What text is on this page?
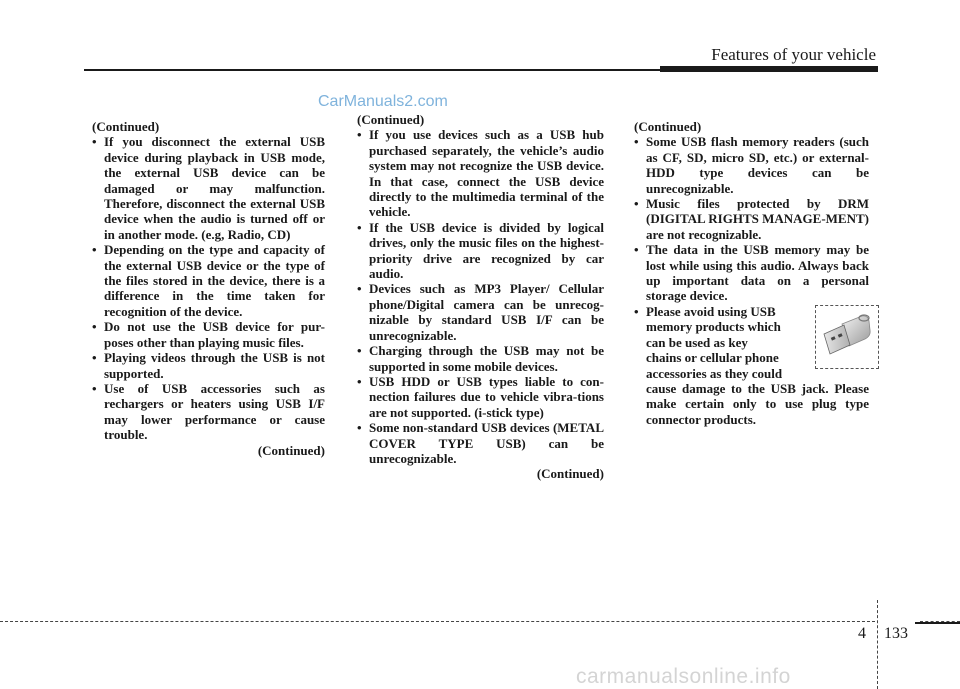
Features of your vehicle
CarManuals2.com
(Continued)
• If you disconnect the external USB device during playback in USB mode, the external USB device can be damaged or may malfunction. Therefore, disconnect the external USB device when the audio is turned off or in another mode. (e.g, Radio, CD)
• Depending on the type and capacity of the external USB device or the type of the files stored in the device, there is a difference in the time taken for recognition of the device.
• Do not use the USB device for pur-poses other than playing music files.
• Playing videos through the USB is not supported.
• Use of USB accessories such as rechargers or heaters using USB I/F may lower performance or cause trouble.
(Continued)
(Continued)
• If you use devices such as a USB hub purchased separately, the vehicle’s audio system may not recognize the USB device. In that case, connect the USB device directly to the multimedia terminal of the vehicle.
• If the USB device is divided by logical drives, only the music files on the highest-priority drive are recognized by car audio.
• Devices such as MP3 Player/ Cellular phone/Digital camera can be unrecog-nizable by standard USB I/F can be unrecognizable.
• Charging through the USB may not be supported in some mobile devices.
• USB HDD or USB types liable to con-nection failures due to vehicle vibra-tions are not supported. (i-stick type)
• Some non-standard USB devices (METAL COVER TYPE USB) can be unrecognizable.
(Continued)
(Continued)
• Some USB flash memory readers (such as CF, SD, micro SD, etc.) or external-HDD type devices can be unrecognizable.
• Music files protected by DRM (DIGITAL RIGHTS MANAGE-MENT) are not recognizable.
• The data in the USB memory may be lost while using this audio. Always back up important data on a personal storage device.
• Please avoid using USB
memory products which
can be used as key
chains or cellular phone
accessories as they could
cause damage to the USB jack. Please make certain only to use plug type connector products.
4 133
carmanualsonline.info
